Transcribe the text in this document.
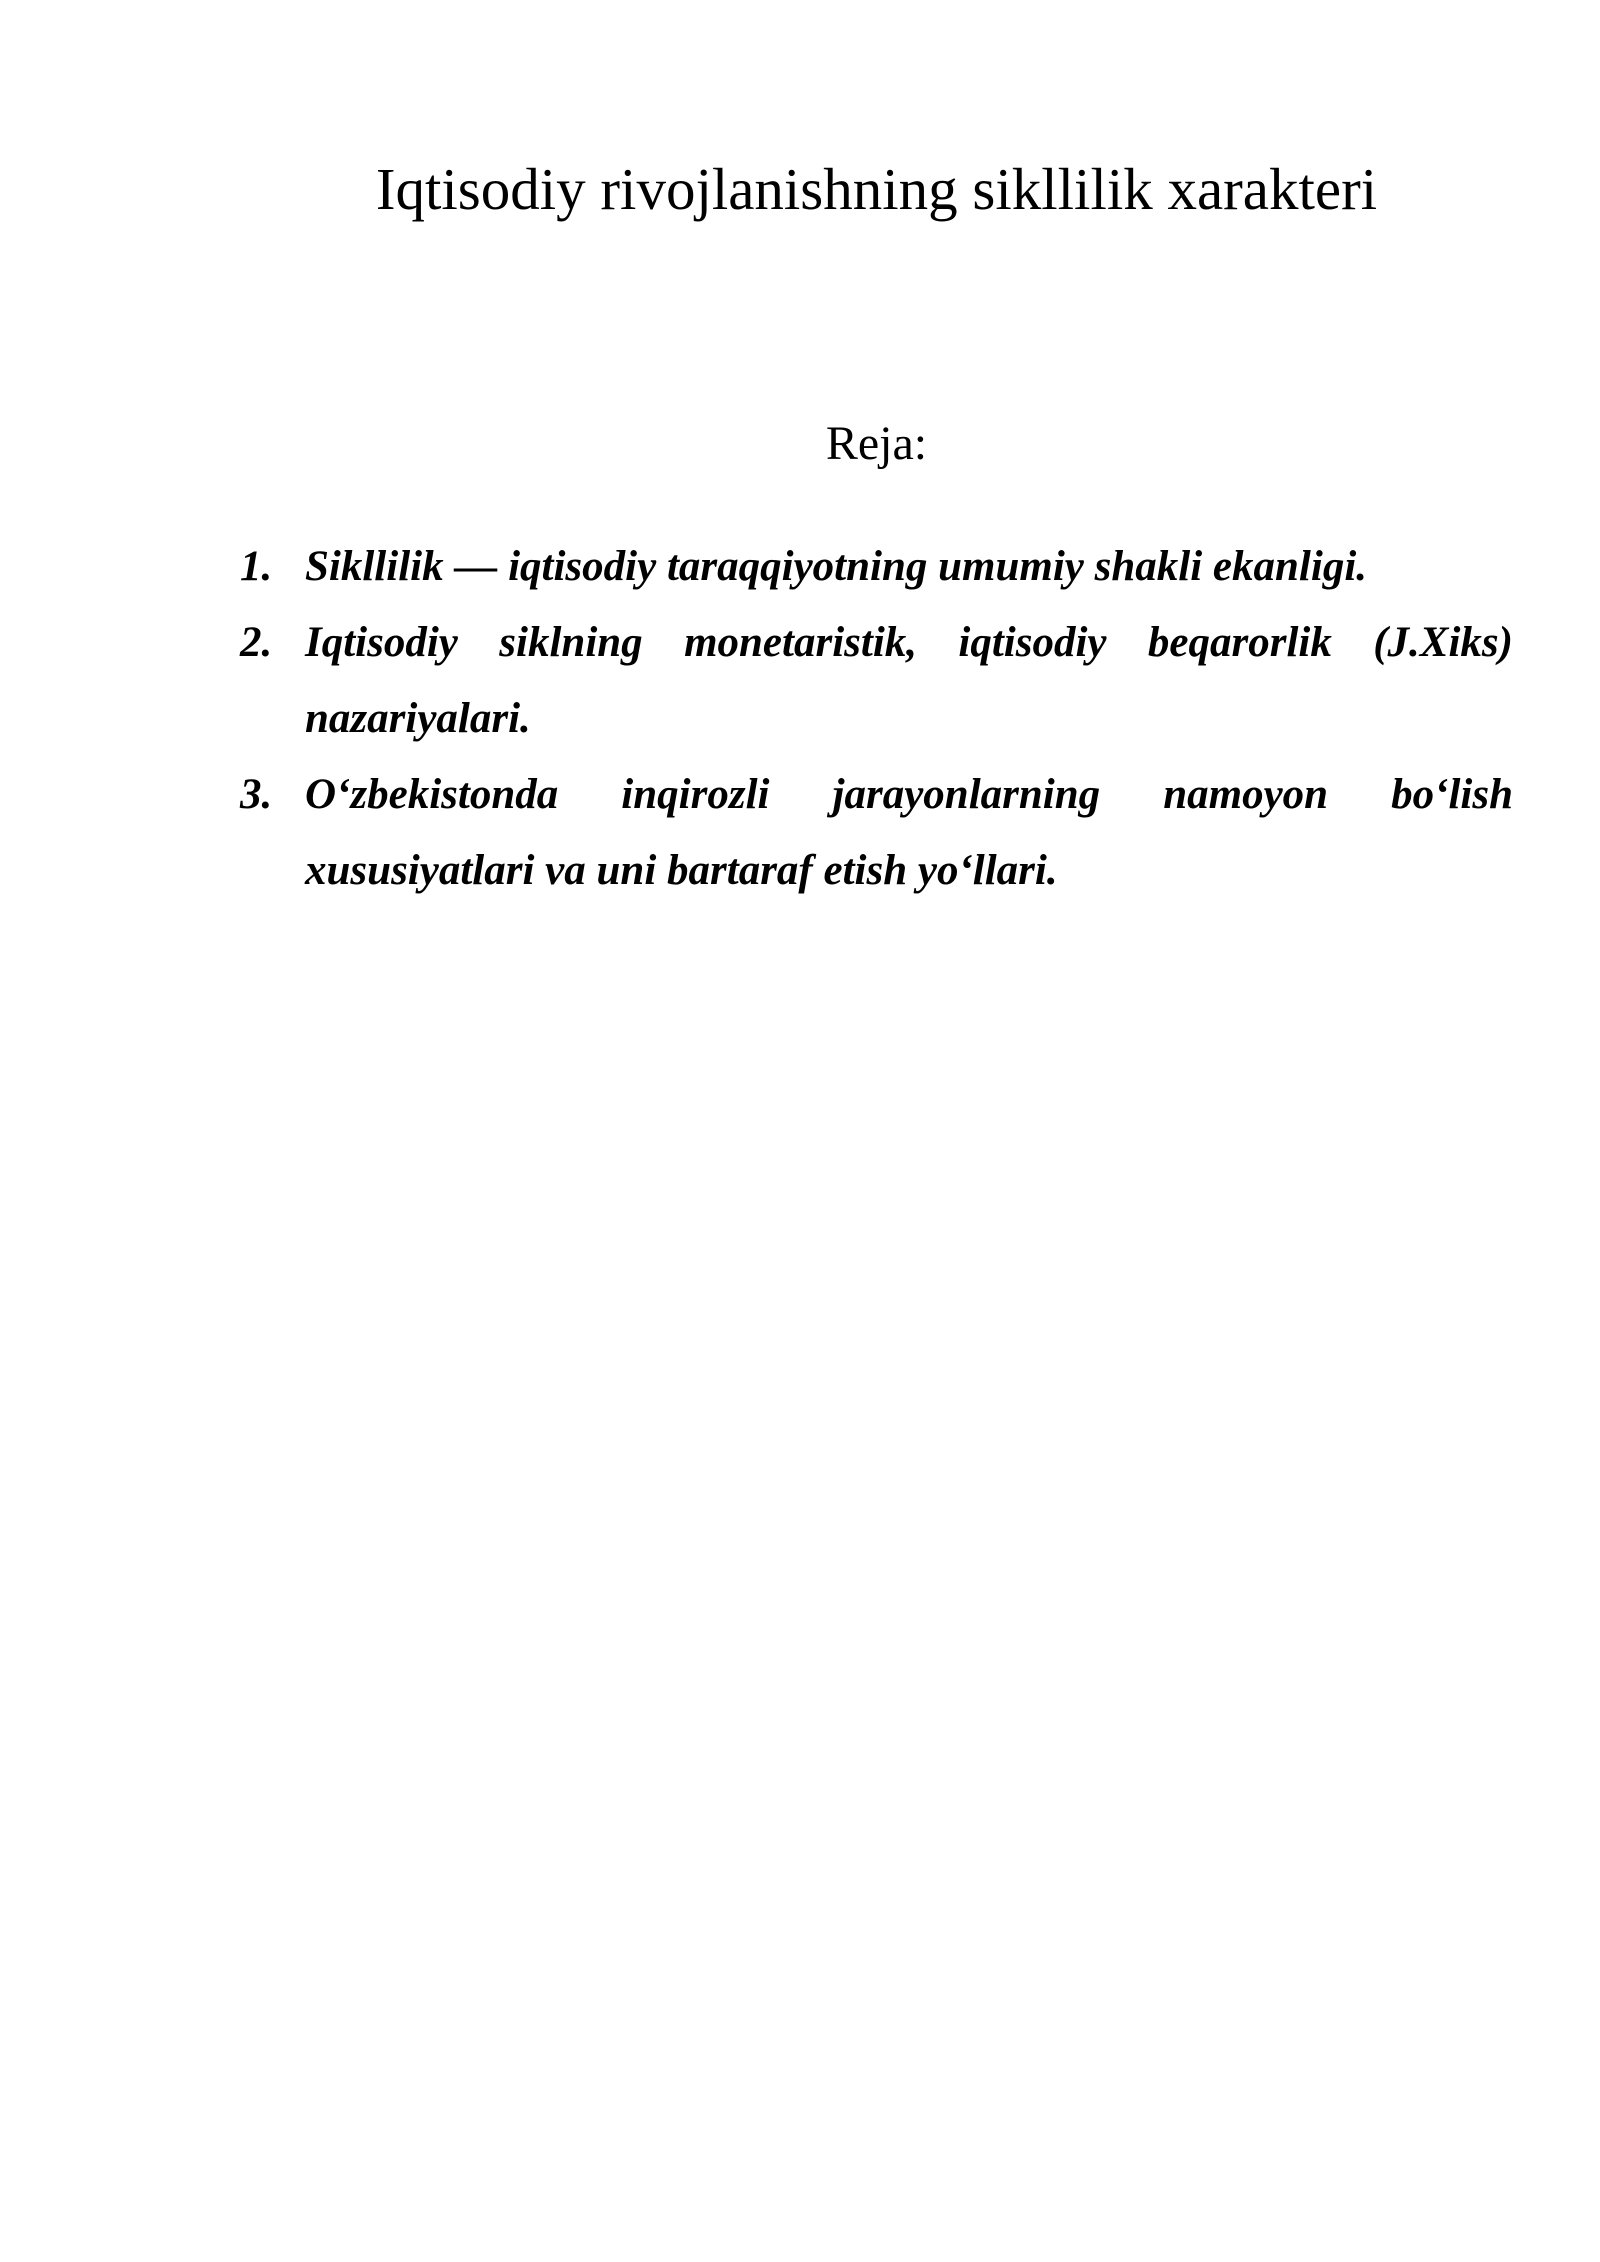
Iqtisodiy rivojlanishning sikllilik xarakteri
Reja:
1. Sikllilik — iqtisodiy taraqqiyotning umumiy shakli ekanligi.
2. Iqtisodiy siklning monetaristik, iqtisodiy beqarorlik (J.Xiks) nazariyalari.
3. O‘zbekistonda inqirozli jarayonlarning namoyon bo‘lish xususiyatlari va uni bartaraf etish yo‘llari.
